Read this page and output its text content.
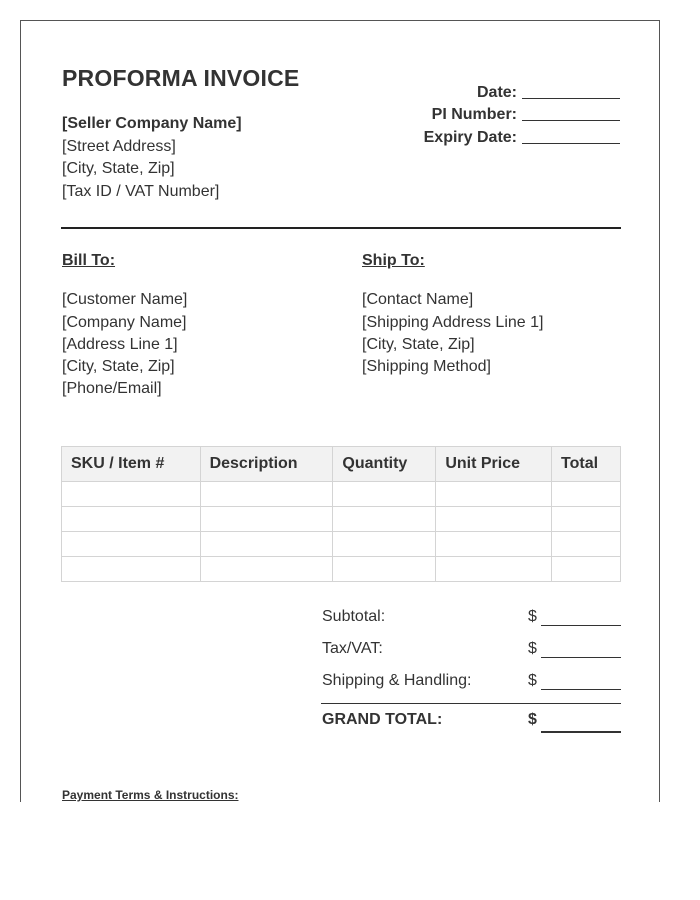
PROFORMA INVOICE
[Seller Company Name]
[Street Address]
[City, State, Zip]
[Tax ID / VAT Number]
Date:
PI Number:
Expiry Date:
Bill To:
[Customer Name]
[Company Name]
[Address Line 1]
[City, State, Zip]
[Phone/Email]
Ship To:
[Contact Name]
[Shipping Address Line 1]
[City, State, Zip]
[Shipping Method]
SKU / Item #	Description	Quantity	Unit Price	Total

Subtotal:	$
Tax/VAT:	$
Shipping & Handling:	$
GRAND TOTAL:	$
Payment Terms & Instructions:
